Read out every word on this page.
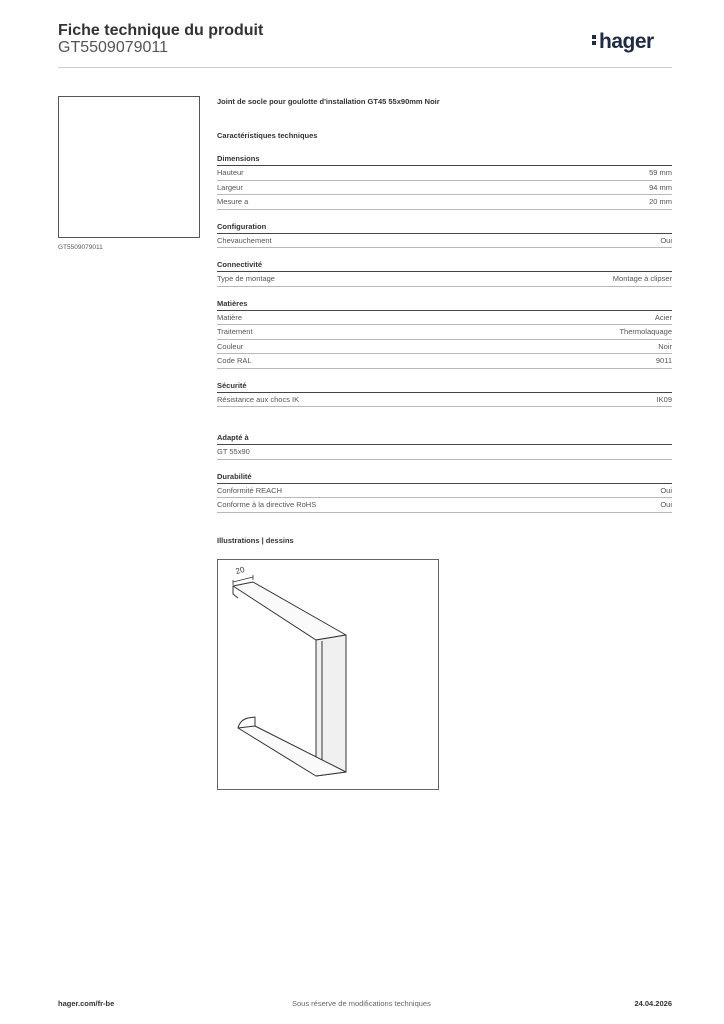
Fiche technique du produit
GT5509079011	hager
GT5509079011
Joint de socle pour goulotte d'installation GT45 55x90mm Noir
Caractéristiques techniques
Dimensions
Hauteur	59 mm
Largeur	94 mm
Mesure a	20 mm
Configuration
Chevauchement	Oui
Connectivité
Type de montage	Montage à clipser
Matières
Matière	Acier
Traitement	Thermolaquage
Couleur	Noir
Code RAL	9011
Sécurité
Résistance aux chocs IK	IK09
Adapté à
GT 55x90
Durabilité
Conformité REACH	Oui
Conforme à la directive RoHS	Oui
Illustrations | dessins
20
hager.com/fr-be	Sous réserve de modifications techniques	24.04.2026
